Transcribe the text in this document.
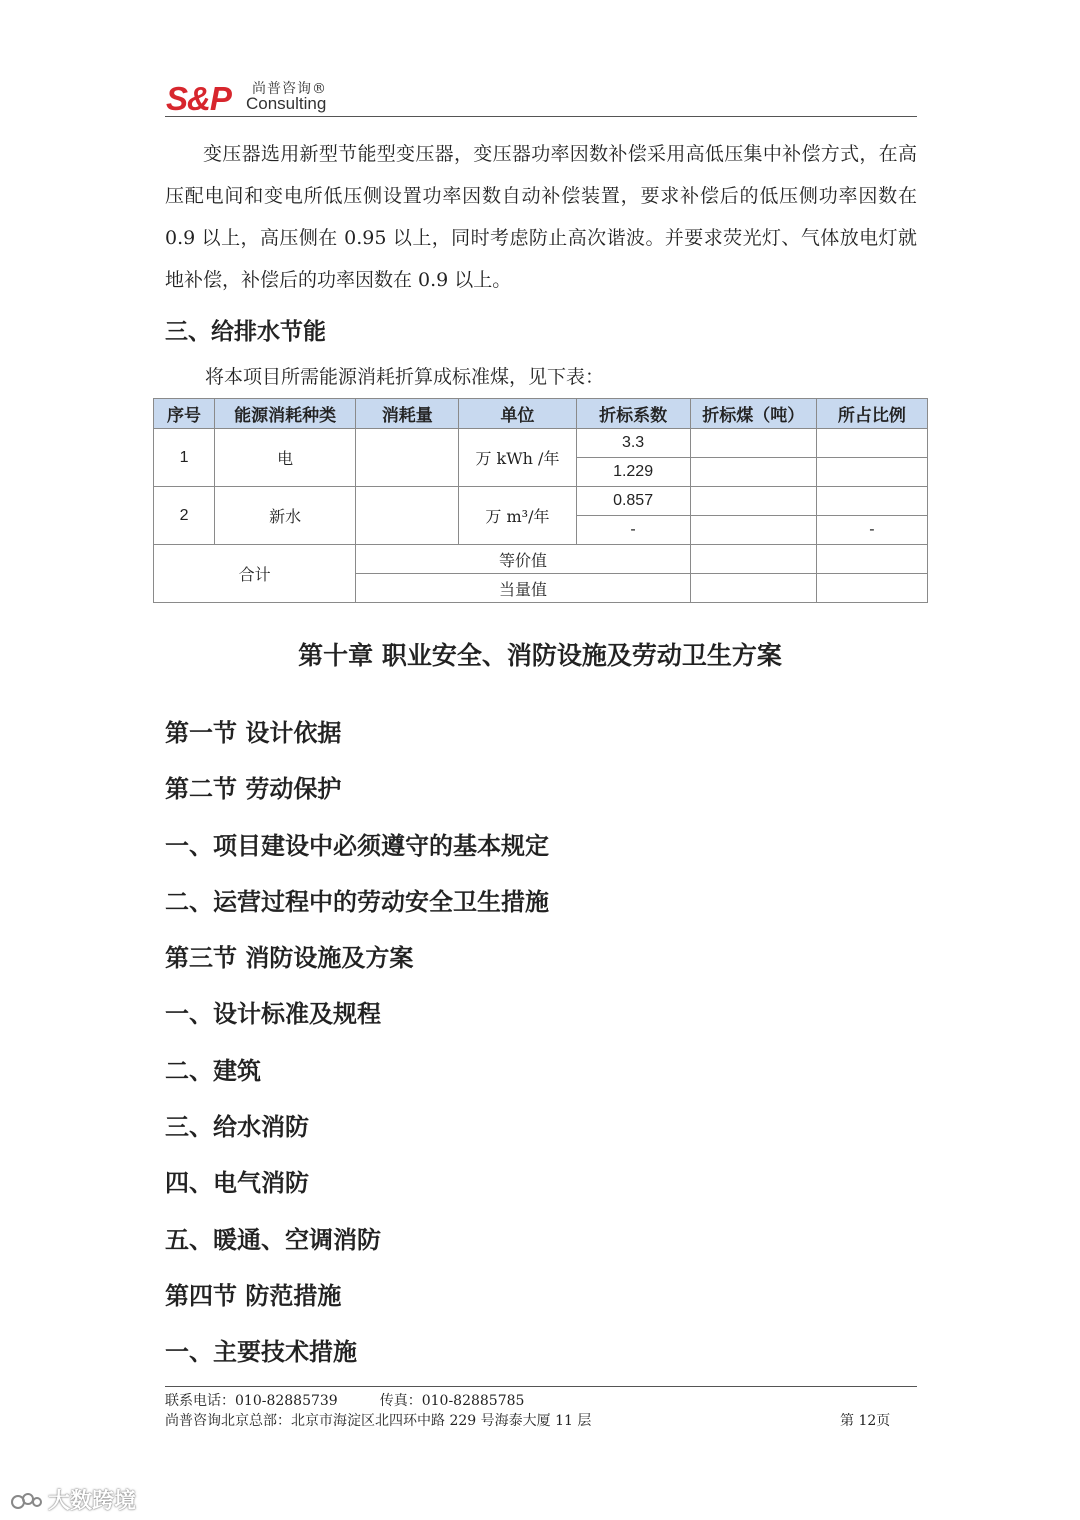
S&P 尚普咨询®
Consulting

变压器选用新型节能型变压器，变压器功率因数补偿采用高低压集中补偿方式，在高压配电间和变电所低压侧设置功率因数自动补偿装置，要求补偿后的低压侧功率因数在 0.9 以上，高压侧在 0.95 以上，同时考虑防止高次谐波。并要求荧光灯、气体放电灯就地补偿，补偿后的功率因数在 0.9 以上。

三、给排水节能
将本项目所需能源消耗折算成标准煤，见下表：
序号	能源消耗种类	消耗量	单位	折标系数	折标煤（吨）	所占比例
1	电		万 kWh /年	3.3		
				1.229		
2	新水		万 m³/年	0.857		
				-		-
合计		等价值				
		当量值				
第十章 职业安全、消防设施及劳动卫生方案
第一节 设计依据
第二节 劳动保护
一、项目建设中必须遵守的基本规定
二、运营过程中的劳动安全卫生措施
第三节 消防设施及方案
一、设计标准及规程
二、建筑
三、给水消防
四、电气消防
五、暖通、空调消防
第四节 防范措施
一、主要技术措施
联系电话：010-82885739	传真：010-82885785
尚普咨询北京总部：北京市海淀区北四环中路 229 号海泰大厦 11 层	第 12页
大数跨境
